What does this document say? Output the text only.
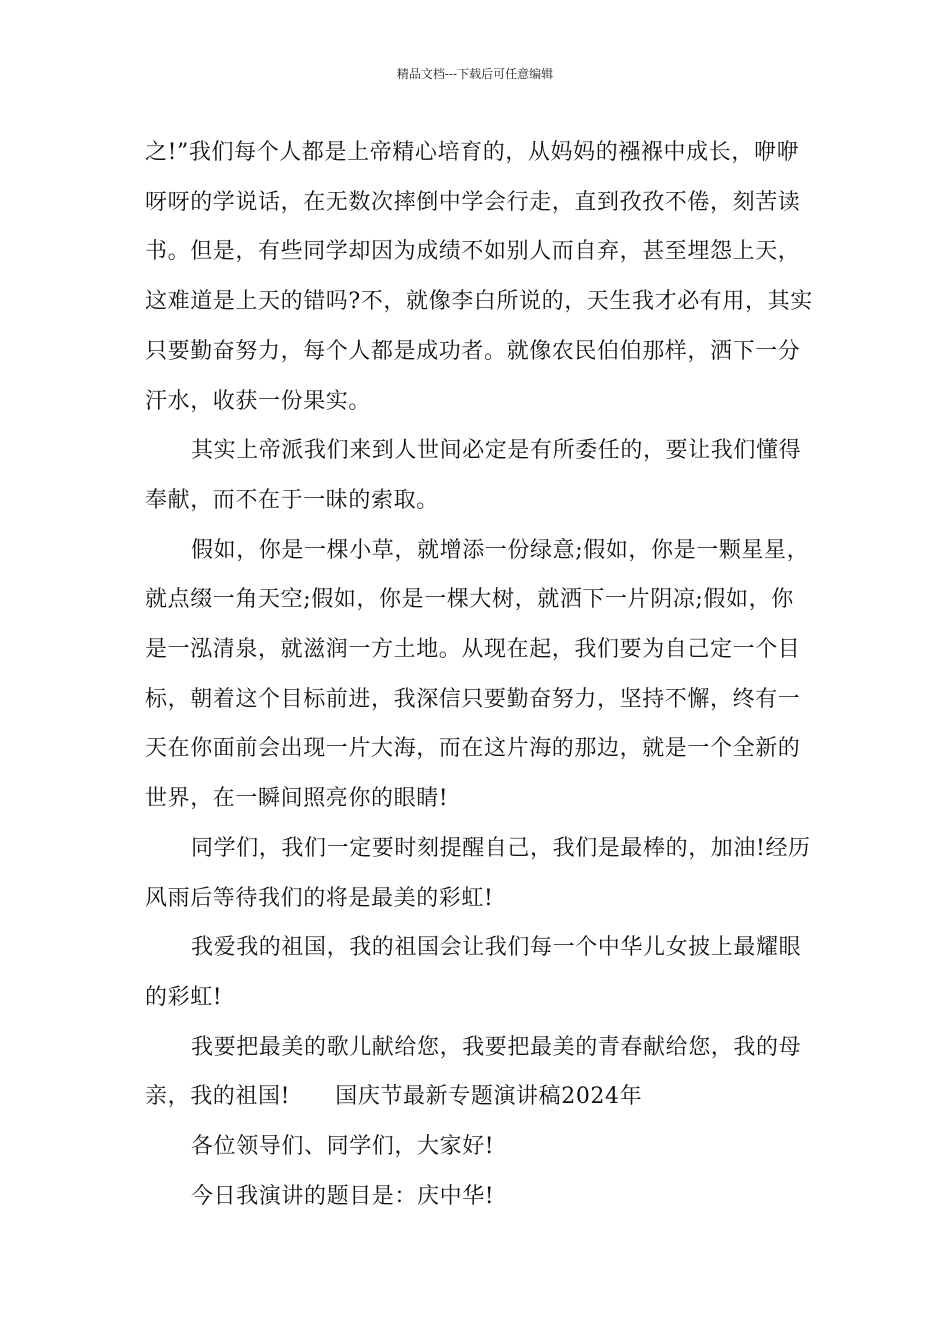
精品文档---下载后可任意编辑

之!”我们每个人都是上帝精心培育的，从妈妈的襁褓中成长，咿咿
呀呀的学说话，在无数次摔倒中学会行走，直到孜孜不倦，刻苦读
书。但是，有些同学却因为成绩不如别人而自弃，甚至埋怨上天，
这难道是上天的错吗?不，就像李白所说的，天生我才必有用，其实
只要勤奋努力，每个人都是成功者。就像农民伯伯那样，洒下一分
汗水，收获一份果实。

其实上帝派我们来到人世间必定是有所委任的，要让我们懂得
奉献，而不在于一昧的索取。

假如，你是一棵小草，就增添一份绿意;假如，你是一颗星星，
就点缀一角天空;假如，你是一棵大树，就洒下一片阴凉;假如，你
是一泓清泉，就滋润一方土地。从现在起，我们要为自己定一个目
标，朝着这个目标前进，我深信只要勤奋努力，坚持不懈，终有一
天在你面前会出现一片大海，而在这片海的那边，就是一个全新的
世界，在一瞬间照亮你的眼睛!

同学们，我们一定要时刻提醒自己，我们是最棒的，加油!经历
风雨后等待我们的将是最美的彩虹!

我爱我的祖国，我的祖国会让我们每一个中华儿女披上最耀眼
的彩虹!

我要把最美的歌儿献给您，我要把最美的青春献给您，我的母
亲，我的祖国!　　国庆节最新专题演讲稿2024年

各位领导们、同学们，大家好!

今日我演讲的题目是：庆中华!
